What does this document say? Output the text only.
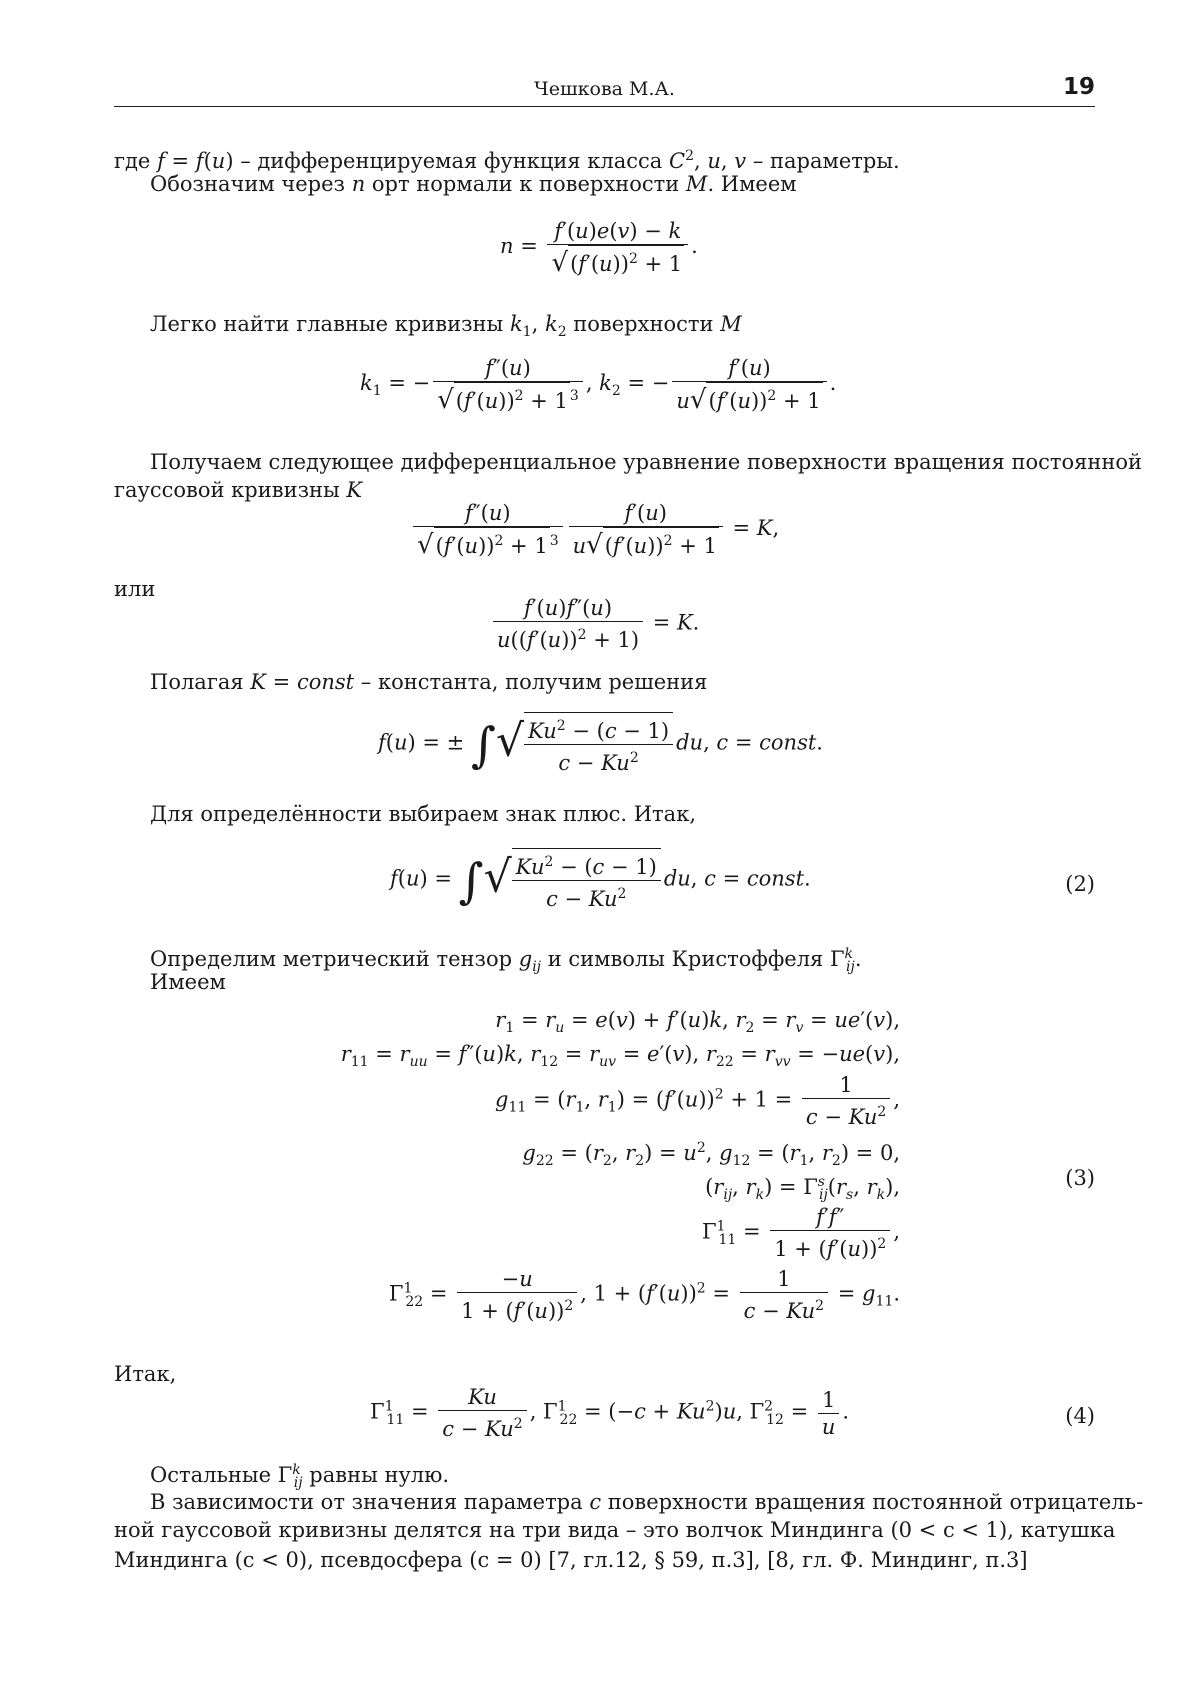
Чешкова М.А.	19
где f = f(u) – дифференцируемая функция класса $C^2$, u, v – параметры.
Обозначим через n орт нормали к поверхности M. Имеем
$n = \frac{f'(u)e(v) - k}{√(f'(u))^2 + 1}$ .
Легко найти главные кривизны $k_1$, $k_2$ поверхности M
$k_1$ = − $\frac{f''(u)}{√(f'(u))^2 + 1 ^3}$ , $k_2$ = − $\frac{f'(u)}{u√(f'(u))^2 + 1}$ .
Получаем следующее дифференциальное уравнение поверхности вращения постоянной
гауссовой кривизны K
$\frac{f''(u)}{√(f'(u))^2 + 1 ^3} \frac{f'(u)}{u√(f'(u))^2 + 1} = K$,
или
$\frac{f'(u)f''(u)}{u((f'(u))^2 + 1)} = K$.
Полагая K = const – константа, получим решения
f(u) = ± ∫√ $\frac{Ku^2 - (c - 1)}{c - Ku^2}$ du, c = const.
Для определённости выбираем знак плюс. Итак,
f(u) = ∫√ $\frac{Ku^2 - (c - 1)}{c - Ku^2}$ du, c = const.	(2)
Определим метрический тензор $g_{ij}$ и символы Кристоффеля $\Gamma^k_{ij}$.
Имеем
$r_1 = r_u = e(v) + f'(u)k$, $r_2 = r_v = ue'(v)$,
$r_{11} = r_{uu} = f''(u)k$, $r_{12} = r_{uv} = e'(v)$, $r_{22} = r_{vv} = -ue(v)$,
$g_{11} = (r_1$, $r_1) = (f'(u))^2 + 1 = \frac{1}{c - Ku^2}$ ,
$g_{22} = (r_2$, $r_2) = u^2$, $g_{12} = (r_1$, $r_2) = 0$,
($r_{ij}$, $r_k) = \Gamma^s_{ij}(r_s$, $r_k$),
$\Gamma^1_{11} = \frac{f'f''}{1 + (f'(u))^2}$ ,
$\Gamma^1_{22} = \frac{-u}{1 + (f'(u))^2}$ , $1 + (f'(u))^2 = \frac{1}{c - Ku^2} = g_{11}$.
(3)
Итак,
$\Gamma^1_{11} = \frac{Ku}{c - Ku^2}$ , $\Gamma^1_{22} = (-c + Ku^2)u$, $\Gamma^2_{12} = \frac{1}{u}$ .	(4)
Остальные $\Gamma^k_{ij}$ равны нулю.
В зависимости от значения параметра c поверхности вращения постоянной отрицатель-
ной гауссовой кривизны делятся на три вида – это волчок Миндинга (0 < c < 1), катушка
Миндинга (c < 0), псевдосфера (c = 0) [7, гл.12, § 59, п.3], [8, гл. Ф. Миндинг, п.3]
